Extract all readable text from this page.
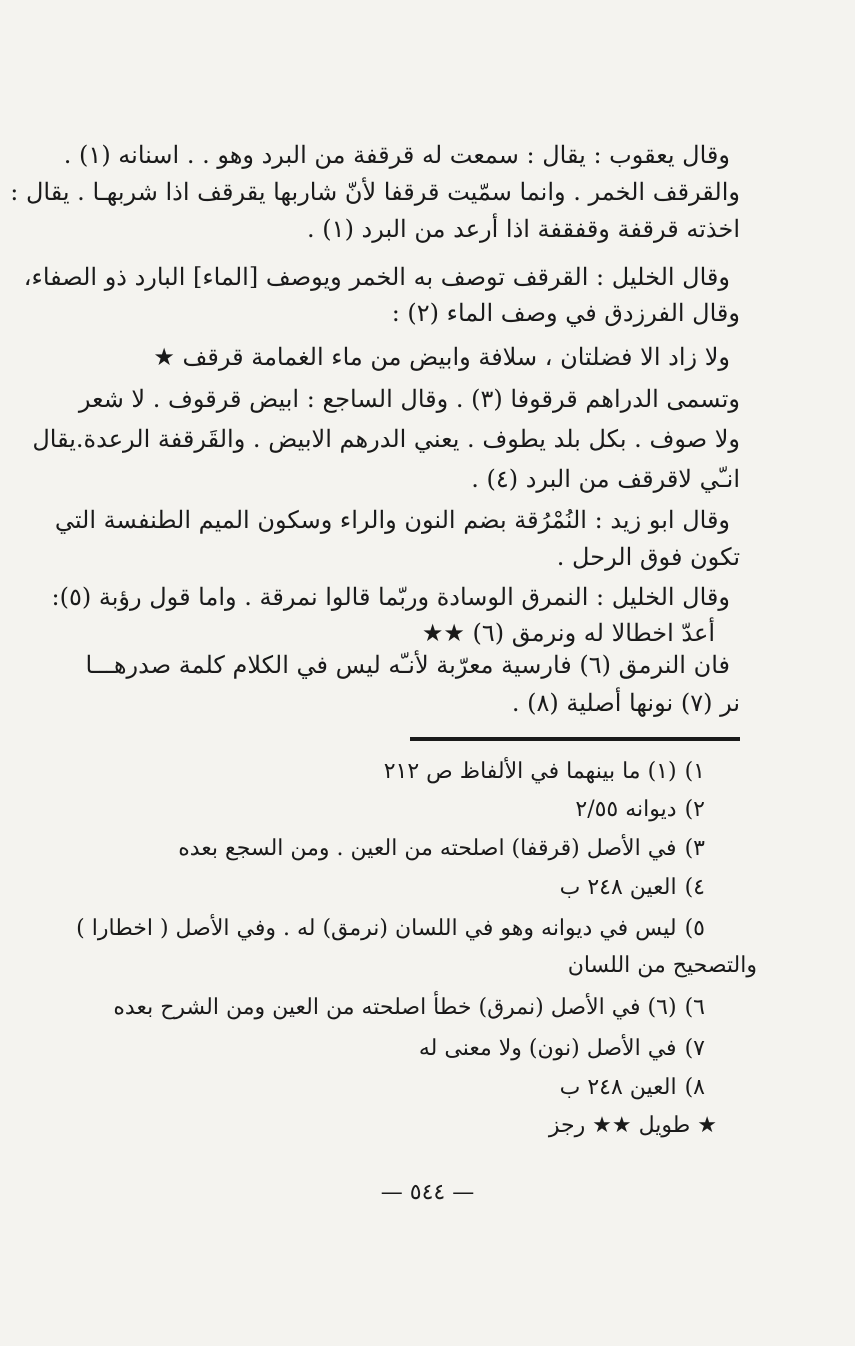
وقال يعقوب : يقال : سمعت له قرقفة من البرد وهو . . اسنانه (١) .
والقرقف الخمر . وانما سمّيت قرقفا لأنّ شاربها يقرقف اذا شربهـا . يقال :
اخذته قرقفة وقفقفة اذا أرعد من البرد (١) .
وقال الخليل : القرقف توصف به الخمر ويوصف [الماء] البارد ذو الصفاء،
وقال الفرزدق في وصف الماء (٢) :
ولا زاد الا فضلتان ، سلافة وابيض من ماء الغمامة قرقف ★
وتسمى الدراهم قرقوفا (٣) . وقال الساجع : ابيض قرقوف . لا شعر
ولا صوف . بكل بلد يطوف . يعني الدرهم الابيض . والقَرقفة الرعدة.يقال
انـّي لاقرقف من البرد (٤) .
وقال ابو زيد : النُمْرُقة بضم النون والراء وسكون الميم الطنفسة التي
تكون فوق الرحل .
وقال الخليل : النمرق الوسادة وربّما قالوا نمرقة . واما قول رؤبة (٥):
أعدّ اخطالا له ونرمق (٦) ★★
فان النرمق (٦) فارسية معرّبة لأنـّه ليس في الكلام كلمة صدرهـــا
نر (٧) نونها أصلية (٨) .
١)(١) ما بينهما في الألفاظ ص ٢١٢
٢)ديوانه ٢/٥٥
٣)في الأصل (قرقفا) اصلحته من العين . ومن السجع بعده
٤)العين ٢٤٨ ب
٥)ليس في ديوانه وهو في اللسان (نرمق) له . وفي الأصل ( اخطارا )
والتصحيح من اللسان
٦)(٦) في الأصل (نمرق) خطأ اصلحته من العين ومن الشرح بعده
٧)في الأصل (نون) ولا معنى له
٨)العين ٢٤٨ ب
★ طويل ★★ رجز
— ٥٤٤ —
